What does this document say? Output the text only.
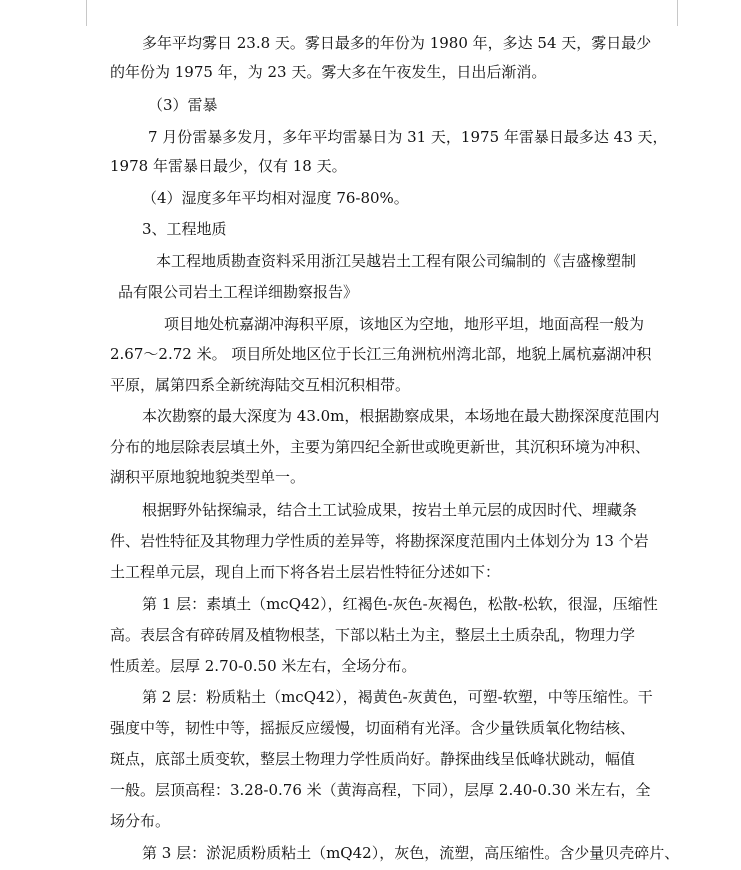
多年平均雾日 23.8 天。雾日最多的年份为 1980 年，多达 54 天，雾日最少
的年份为 1975 年，为 23 天。雾大多在午夜发生，日出后渐消。
（3）雷暴
7 月份雷暴多发月，多年平均雷暴日为 31 天，1975 年雷暴日最多达 43 天，
1978 年雷暴日最少，仅有 18 天。
（4）湿度多年平均相对湿度 76-80%。
3、工程地质
本工程地质勘查资料采用浙江吴越岩土工程有限公司编制的《吉盛橡塑制
品有限公司岩土工程详细勘察报告》
项目地处杭嘉湖冲海积平原，该地区为空地，地形平坦，地面高程一般为
2.67～2.72 米。 项目所处地区位于长江三角洲杭州湾北部，地貌上属杭嘉湖冲积
平原，属第四系全新统海陆交互相沉积相带。
本次勘察的最大深度为 43.0m，根据勘察成果，本场地在最大勘探深度范围内
分布的地层除表层填土外，主要为第四纪全新世或晚更新世，其沉积环境为冲积、
湖积平原地貌地貌类型单一。
根据野外钻探编录，结合土工试验成果，按岩土单元层的成因时代、埋藏条
件、岩性特征及其物理力学性质的差异等，将勘探深度范围内土体划分为 13 个岩
土工程单元层，现自上而下将各岩土层岩性特征分述如下：
第 1 层：素填土（mcQ42），红褐色-灰色-灰褐色，松散-松软，很湿，压缩性
高。表层含有碎砖屑及植物根茎，下部以粘土为主，整层土土质杂乱，物理力学
性质差。层厚 2.70-0.50 米左右，全场分布。
第 2 层：粉质粘土（mcQ42），褐黄色-灰黄色，可塑-软塑，中等压缩性。干
强度中等，韧性中等，摇振反应缓慢，切面稍有光泽。含少量铁质氧化物结核、
斑点，底部土质变软，整层土物理力学性质尚好。静探曲线呈低峰状跳动，幅值
一般。层顶高程：3.28-0.76 米（黄海高程，下同），层厚 2.40-0.30 米左右，全
场分布。
第 3 层：淤泥质粉质粘土（mQ42），灰色，流塑，高压缩性。含少量贝壳碎片、
